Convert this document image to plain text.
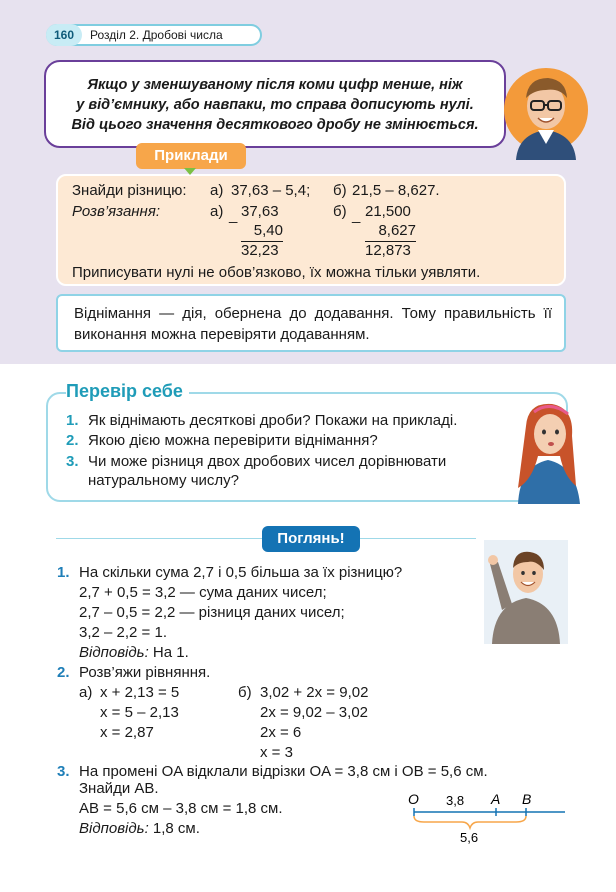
160	Розділ 2. Дробові числа
Якщо у зменшуваному після коми цифр менше, ніж
у від’ємнику, або навпаки, то справа дописують нулі.
Від цього значення десяткового дробу не змінюється.
Приклади
Знайди різницю: а) 37,63 – 5,4; б) 21,5 – 8,627.
Розв’язання:	а) _ 37,63
5,40
32,23
б) _ 21,500
8,627
12,873
Приписувати нулі не обов’язково, їх можна тільки уявляти.
Віднімання — дія, обернена до додавання. Тому правильність її виконання можна перевіряти додаванням.
Перевір себе
1. Як віднімають десяткові дроби? Покажи на прикладі.
2. Якою дією можна перевірити віднімання?
3. Чи може різниця двох дробових чисел дорівнювати
натуральному числу?
Поглянь!
1. На скільки сума 2,7 і 0,5 більша за їх різницю?
2,7 + 0,5 = 3,2 — сума даних чисел;
2,7 – 0,5 = 2,2 — різниця даних чисел;
3,2 – 2,2 = 1.
Відповідь: На 1.
2. Розв’яжи рівняння.
а) x + 2,13 = 5
x = 5 – 2,13
x = 2,87
б) 3,02 + 2x = 9,02
2x = 9,02 – 3,02
2x = 6
x = 3
3. На промені OA відклали відрізки OA = 3,8 см і OB = 5,6 см.
Знайди AB.
AB = 5,6 см – 3,8 см = 1,8 см.
Відповідь: 1,8 см.
O 3,8 A B
5,6
